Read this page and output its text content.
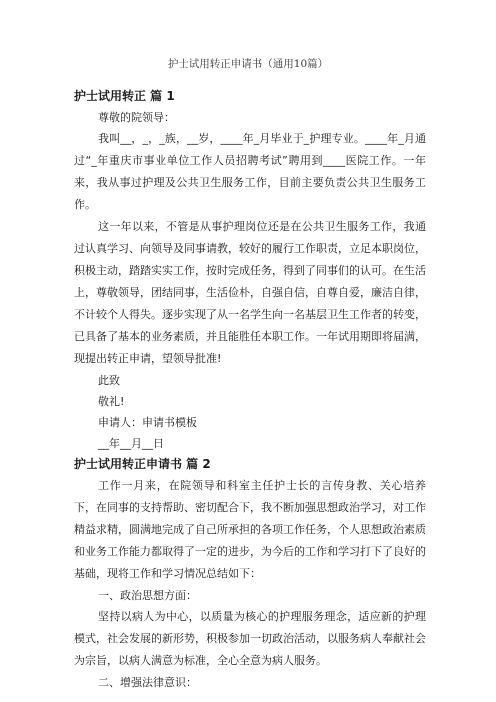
护士试用转正申请书（通用10篇）

护士试用转正 篇 1

尊敬的院领导：

我叫__，_，_族，__岁，____年_月毕业于_护理专业。____年_月通过“_年重庆市事业单位工作人员招聘考试”聘用到____医院工作。一年来，我从事过护理及公共卫生服务工作，目前主要负责公共卫生服务工作。

这一年以来，不管是从事护理岗位还是在公共卫生服务工作，我通过认真学习、向领导及同事请教，较好的履行工作职责，立足本职岗位，积极主动，踏踏实实工作，按时完成任务，得到了同事们的认可。在生活上，尊敬领导，团结同事，生活俭朴，自强自信，自尊自爱，廉洁自律，不计较个人得失。逐步实现了从一名学生向一名基层卫生工作者的转变，已具备了基本的业务素质，并且能胜任本职工作。一年试用期即将届满，现提出转正申请，望领导批准!

此致

敬礼!

申请人：申请书模板

__年__月__日

护士试用转正申请书 篇 2

工作一月来，在院领导和科室主任护士长的言传身教、关心培养下，在同事的支持帮助、密切配合下，我不断加强思想政治学习，对工作精益求精，圆满地完成了自己所承担的各项工作任务，个人思想政治素质和业务工作能力都取得了一定的进步，为今后的工作和学习打下了良好的基础，现将工作和学习情况总结如下：

一、政治思想方面：

坚持以病人为中心，以质量为核心的护理服务理念，适应新的护理模式，社会发展的新形势，积极参加一切政治活动，以服务病人奉献社会为宗旨，以病人满意为标准，全心全意为病人服务。

二、增强法律意识：
